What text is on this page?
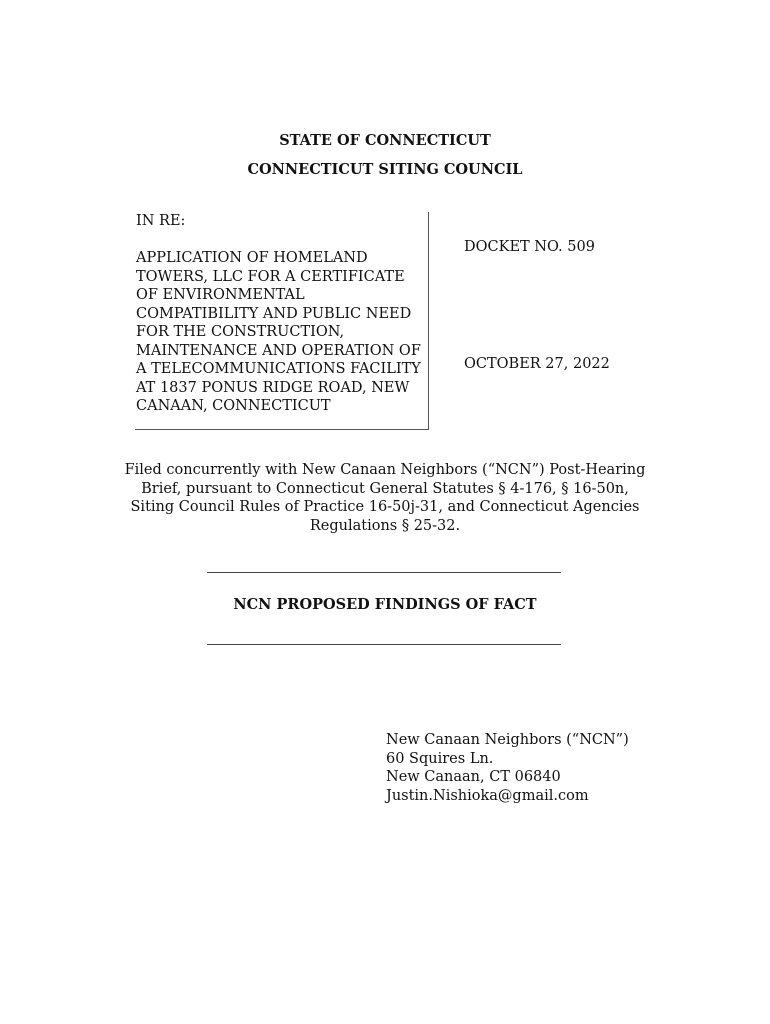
STATE OF CONNECTICUT
CONNECTICUT SITING COUNCIL
IN RE:
APPLICATION OF HOMELAND
TOWERS, LLC FOR A CERTIFICATE
OF ENVIRONMENTAL
COMPATIBILITY AND PUBLIC NEED
FOR THE CONSTRUCTION,
MAINTENANCE AND OPERATION OF
A TELECOMMUNICATIONS FACILITY
AT 1837 PONUS RIDGE ROAD, NEW
CANAAN, CONNECTICUT
DOCKET NO. 509
OCTOBER 27, 2022
Filed concurrently with New Canaan Neighbors (“NCN”) Post-Hearing
Brief, pursuant to Connecticut General Statutes § 4-176, § 16-50n,
Siting Council Rules of Practice 16-50j-31, and Connecticut Agencies
Regulations § 25-32.
NCN PROPOSED FINDINGS OF FACT
New Canaan Neighbors (“NCN”)
60 Squires Ln.
New Canaan, CT 06840
Justin.Nishioka@gmail.com
